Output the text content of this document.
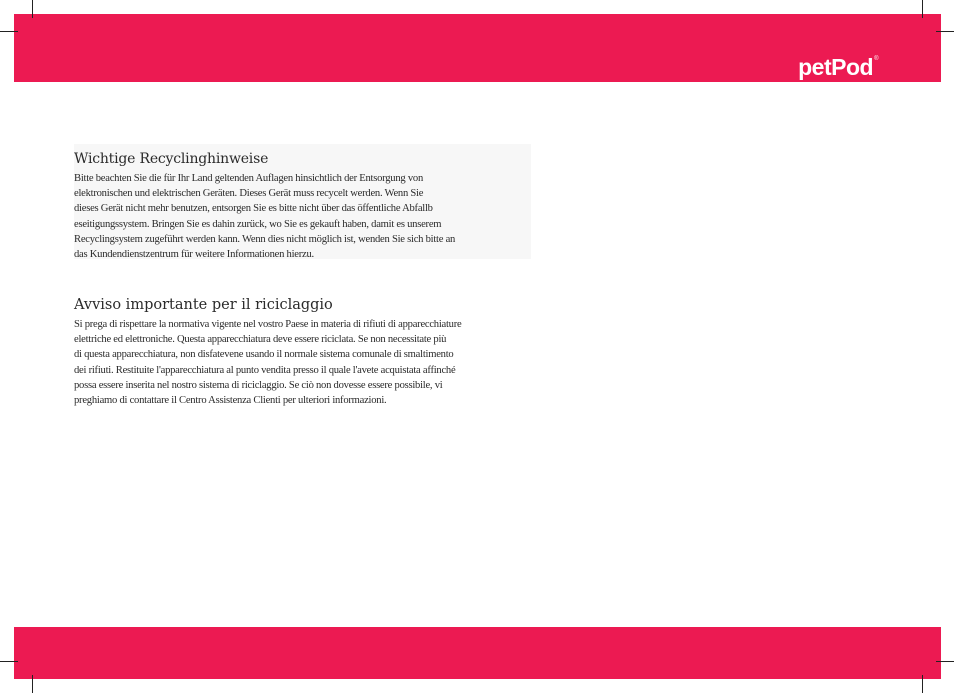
petPod®
Wichtige Recyclinghinweise

Bitte beachten Sie die für Ihr Land geltenden Auflagen hinsichtlich der Entsorgung von
elektronischen und elektrischen Geräten. Dieses Gerät muss recycelt werden. Wenn Sie
dieses Gerät nicht mehr benutzen, entsorgen Sie es bitte nicht über das öffentliche Abfallb
eseitigungssystem. Bringen Sie es dahin zurück, wo Sie es gekauft haben, damit es unserem
Recyclingsystem zugeführt werden kann. Wenn dies nicht möglich ist, wenden Sie sich bitte an
das Kundendienstzentrum für weitere Informationen hierzu.

Avviso importante per il riciclaggio

Si prega di rispettare la normativa vigente nel vostro Paese in materia di rifiuti di apparecchiature
elettriche ed elettroniche. Questa apparecchiatura deve essere riciclata. Se non necessitate più
di questa apparecchiatura, non disfatevene usando il normale sistema comunale di smaltimento
dei rifiuti. Restituite l'apparecchiatura al punto vendita presso il quale l'avete acquistata affinché
possa essere inserita nel nostro sistema di riciclaggio. Se ciò non dovesse essere possibile, vi
preghiamo di contattare il Centro Assistenza Clienti per ulteriori informazioni.
